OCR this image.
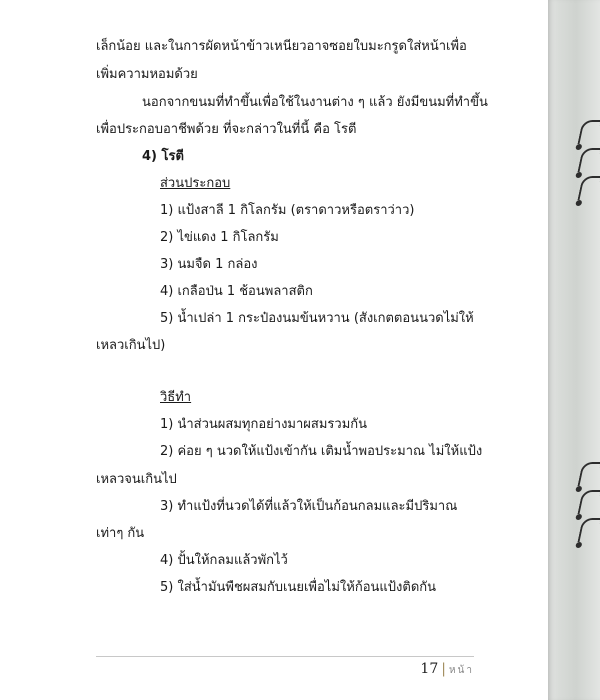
เล็กน้อย และในการผัดหน้าข้าวเหนียวอาจซอยใบมะกรูดใส่หน้าเพื่อ
เพิ่มความหอมด้วย
นอกจากขนมที่ทำขึ้นเพื่อใช้ในงานต่าง ๆ แล้ว ยังมีขนมที่ทำขึ้น
เพื่อประกอบอาชีพด้วย ที่จะกล่าวในที่นี้ คือ โรตี
4) โรตี
ส่วนประกอบ
1) แป้งสาลี 1 กิโลกรัม (ตราดาวหรือตราว่าว)
2) ไข่แดง 1 กิโลกรัม
3) นมจืด 1 กล่อง
4) เกลือป่น 1 ช้อนพลาสติก
5) น้ำเปล่า 1 กระป๋องนมข้นหวาน (สังเกตตอนนวดไม่ให้
เหลวเกินไป)
วิธีทำ
1) นำส่วนผสมทุกอย่างมาผสมรวมกัน
2) ค่อย ๆ นวดให้แป้งเข้ากัน เติมน้ำพอประมาณ ไม่ให้แป้ง
เหลวจนเกินไป
3) ทำแป้งที่นวดได้ที่แล้วให้เป็นก้อนกลมและมีปริมาณ
เท่าๆ กัน
4) ปั้นให้กลมแล้วพักไว้
5) ใส่น้ำมันพืชผสมกับเนยเพื่อไม่ให้ก้อนแป้งติดกัน
17 | หน้า
